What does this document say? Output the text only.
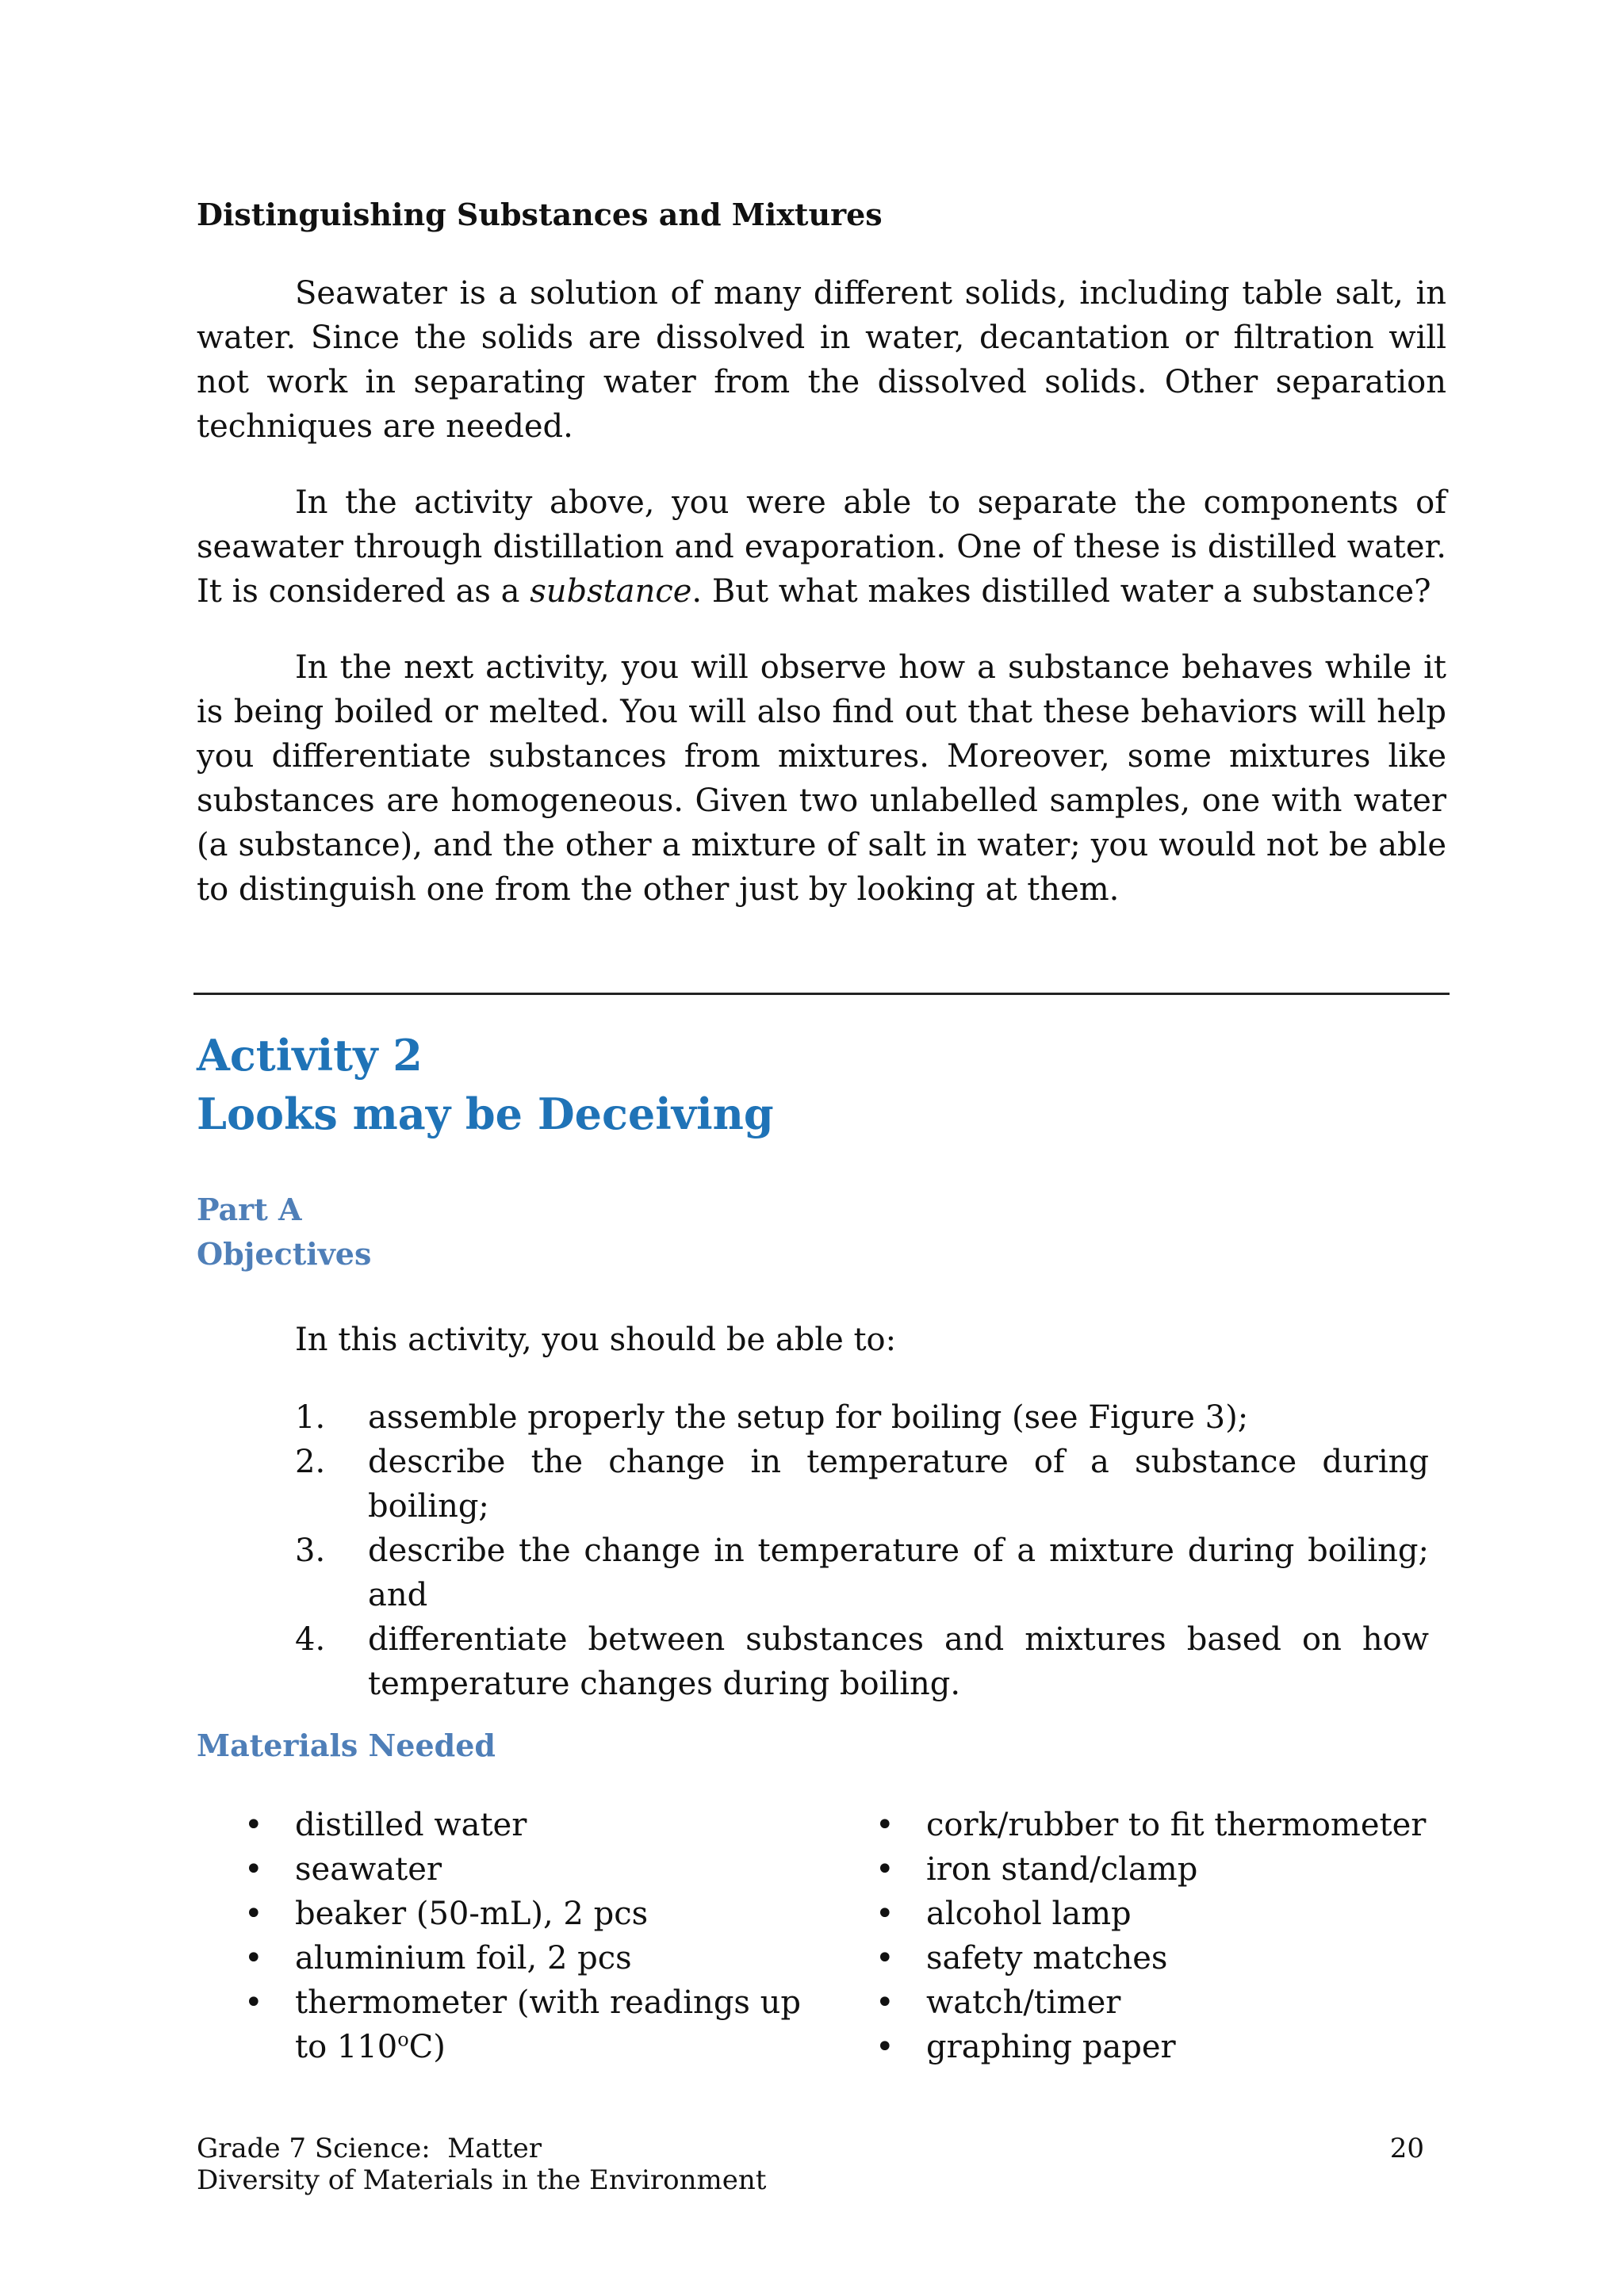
Distinguishing Substances and Mixtures

Seawater is a solution of many different solids, including table salt, in water. Since the solids are dissolved in water, decantation or filtration will not work in separating water from the dissolved solids. Other separation techniques are needed.

In the activity above, you were able to separate the components of seawater through distillation and evaporation. One of these is distilled water. It is considered as a substance. But what makes distilled water a substance?

In the next activity, you will observe how a substance behaves while it is being boiled or melted. You will also find out that these behaviors will help you differentiate substances from mixtures. Moreover, some mixtures like substances are homogeneous. Given two unlabelled samples, one with water (a substance), and the other a mixture of salt in water; you would not be able to distinguish one from the other just by looking at them.

Activity 2
Looks may be Deceiving
Part A
Objectives

In this activity, you should be able to:

1. assemble properly the setup for boiling (see Figure 3);
2. describe the change in temperature of a substance during boiling;
3. describe the change in temperature of a mixture during boiling; and
4. differentiate between substances and mixtures based on how temperature changes during boiling.
Materials Needed
• distilled water
• seawater
• beaker (50-mL), 2 pcs
• aluminium foil, 2 pcs
• thermometer (with readings up to 110$^o$C)
• cork/rubber to fit thermometer
• iron stand/clamp
• alcohol lamp
• safety matches
• watch/timer
• graphing paper
Grade 7 Science:  Matter
Diversity of Materials in the Environment
20
